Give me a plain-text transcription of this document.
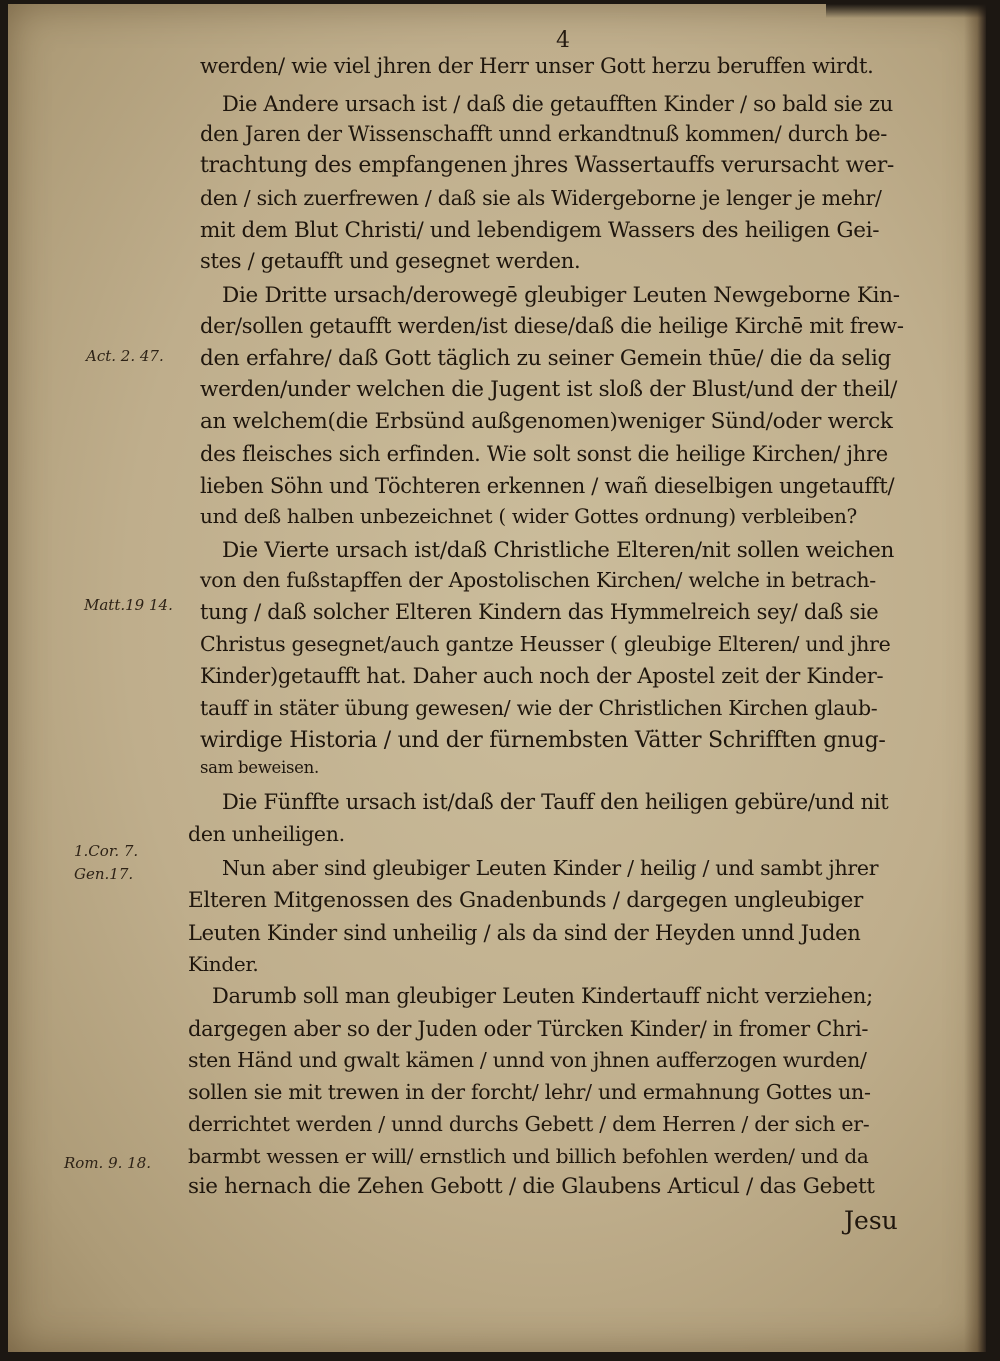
4
werden/ wie viel jhren der Herr unser Gott herzu beruffen wirdt.
Die Andere ursach ist / daß die getaufften Kinder / so bald sie zu
den Jaren der Wissenschafft unnd erkandtnuß kommen/ durch be-
trachtung des empfangenen jhres Wassertauffs verursacht wer-
den / sich zuerfrewen / daß sie als Widergeborne je lenger je mehr/
mit dem Blut Christi/ und lebendigem Wassers des heiligen Gei-
stes / getaufft und gesegnet werden.
Die Dritte ursach/derowegē gleubiger Leuten Newgeborne Kin-
der/sollen getaufft werden/ist diese/daß die heilige Kirchē mit frew-
den erfahre/ daß Gott täglich zu seiner Gemein thūe/ die da selig
werden/under welchen die Jugent ist sloß der Blust/und der theil/
an welchem(die Erbsünd außgenomen)weniger Sünd/oder werck
des fleisches sich erfinden. Wie solt sonst die heilige Kirchen/ jhre
lieben Söhn und Töchteren erkennen / wañ dieselbigen ungetaufft/
und deß halben unbezeichnet ( wider Gottes ordnung) verbleiben?
Die Vierte ursach ist/daß Christliche Elteren/nit sollen weichen
von den fußstapffen der Apostolischen Kirchen/ welche in betrach-
tung / daß solcher Elteren Kindern das Hymmelreich sey/ daß sie
Christus gesegnet/auch gantze Heusser ( gleubige Elteren/ und jhre
Kinder)getaufft hat. Daher auch noch der Apostel zeit der Kinder-
tauff in stäter übung gewesen/ wie der Christlichen Kirchen glaub-
wirdige Historia / und der fürnembsten Vätter Schrifften gnug-
sam beweisen.
Die Fünffte ursach ist/daß der Tauff den heiligen gebüre/und nit
den unheiligen.
Nun aber sind gleubiger Leuten Kinder / heilig / und sambt jhrer
Elteren Mitgenossen des Gnadenbunds / dargegen ungleubiger
Leuten Kinder sind unheilig / als da sind der Heyden unnd Juden
Kinder.
Darumb soll man gleubiger Leuten Kindertauff nicht verziehen;
dargegen aber so der Juden oder Türcken Kinder/ in fromer Chri-
sten Händ und gwalt kämen / unnd von jhnen aufferzogen wurden/
sollen sie mit trewen in der forcht/ lehr/ und ermahnung Gottes un-
derrichtet werden / unnd durchs Gebett / dem Herren / der sich er-
barmbt wessen er will/ ernstlich und billich befohlen werden/ und da
sie hernach die Zehen Gebott / die Glaubens Articul / das Gebett
Act. 2. 47.
Matt.19 14.
1.Cor. 7.
Gen.17.
Rom. 9. 18.
Jesu
